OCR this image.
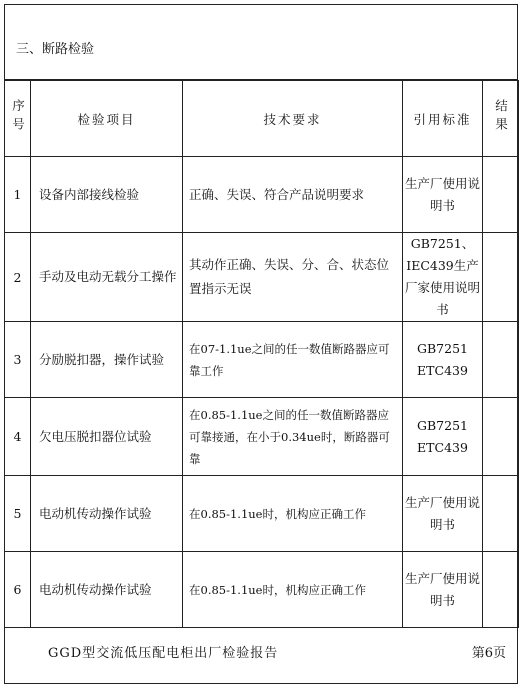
三、断路检验
序号	检验项目	技术要求	引用标准	结果
1	设备内部接线检验	正确、失误、符合产品说明要求	生产厂使用说明书	
2	手动及电动无载分工操作	其动作正确、失误、分、合、状态位置指示无误	GB7251、IEC439生产厂家使用说明书	
3	分励脱扣器，操作试验	在07-1.1ue之间的任一数值断路器应可靠工作	GB7251 ETC439	
4	欠电压脱扣器位试验	在0.85-1.1ue之间的任一数值断路器应可靠接通，在小于0.34ue时，断路器可靠	GB7251 ETC439	
5	电动机传动操作试验	在0.85-1.1ue时，机构应正确工作	生产厂使用说明书	
6	电动机传动操作试验	在0.85-1.1ue时，机构应正确工作	生产厂使用说明书	
GGD型交流低压配电柜出厂检验报告	第6页
